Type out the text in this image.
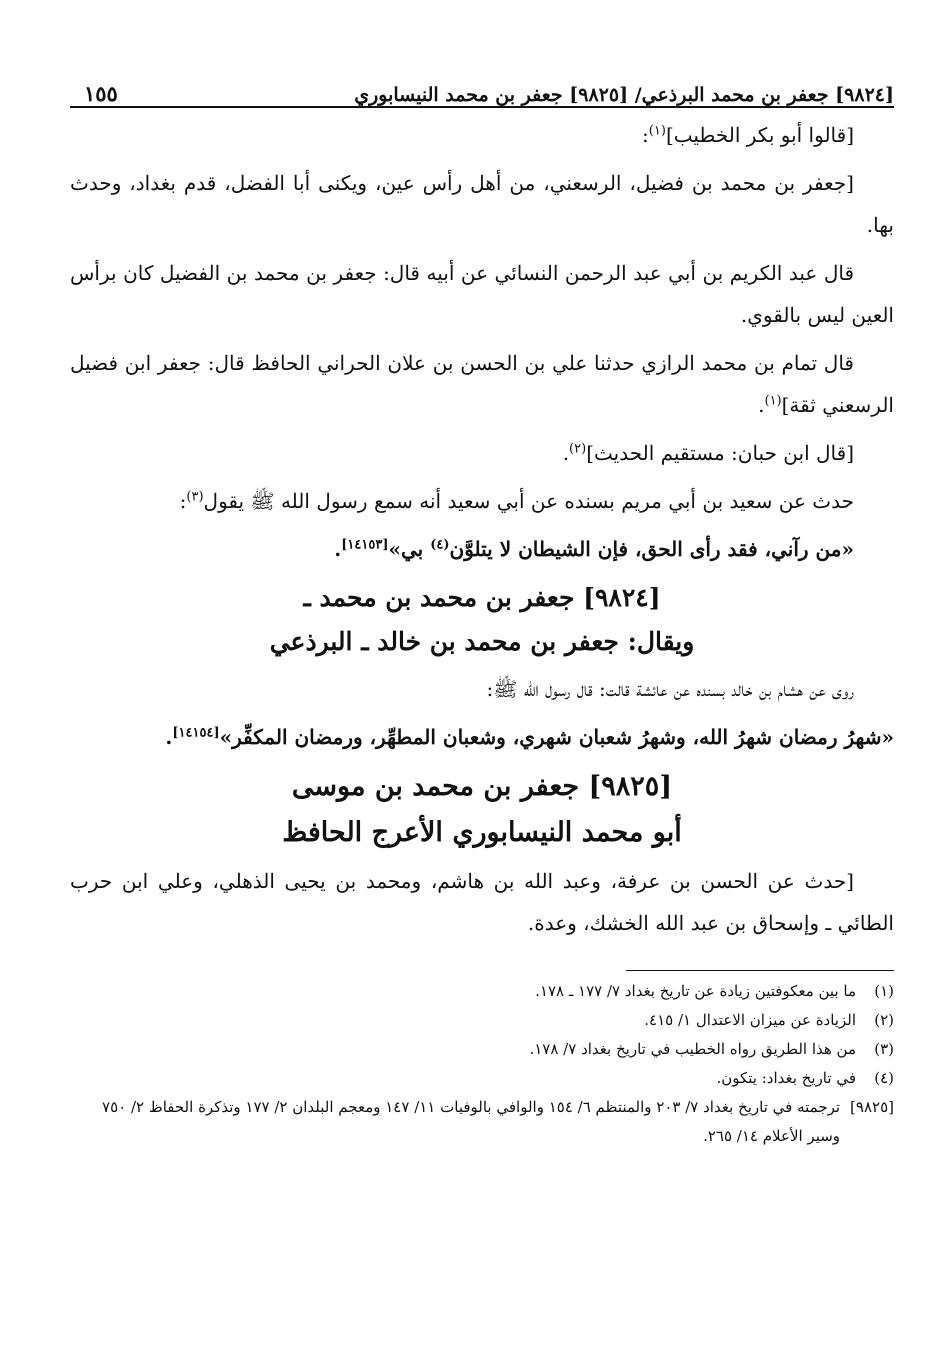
[٩٨٢٤] جعفر بن محمد البرذعي/ [٩٨٢٥] جعفر بن محمد النيسابوري
١٥٥

[قالوا أبو بكر الخطيب]$^{(١)}$:

[جعفر بن محمد بن فضيل، الرسعني، من أهل رأس عين، ويكنى أبا الفضل، قدم بغداد، وحدث بها.

قال عبد الكريم بن أبي عبد الرحمن النسائي عن أبيه قال: جعفر بن محمد بن الفضيل كان برأس العين ليس بالقوي.

قال تمام بن محمد الرازي حدثنا علي بن الحسن بن علان الحراني الحافظ قال: جعفر ابن فضيل الرسعني ثقة]$^{(١)}$.

[قال ابن حبان: مستقيم الحديث]$^{(٢)}$.

حدث عن سعيد بن أبي مريم بسنده عن أبي سعيد أنه سمع رسول الله ﷺ يقول$^{(٣)}$:

«من رآني، فقد رأى الحق، فإن الشيطان لا يتلوَّن$^{(٤)}$ بي»[١٤١٥٣].

[٩٨٢٤] جعفر بن محمد بن محمد ـ
ويقال: جعفر بن محمد بن خالد ـ البرذعي

روى عن هشام بن خالد بسنده عن عائشة قالت: قال رسول الله ﷺ:

«شهرُ رمضان شهرُ الله، وشهرُ شعبان شهري، وشعبان المطهِّر، ورمضان المكفِّر»[١٤١٥٤].

[٩٨٢٥] جعفر بن محمد بن موسى
أبو محمد النيسابوري الأعرج الحافظ

[حدث عن الحسن بن عرفة، وعبد الله بن هاشم، ومحمد بن يحيى الذهلي، وعلي ابن حرب الطائي ـ وإسحاق بن عبد الله الخشك، وعدة.

(١)
ما بين معكوفتين زيادة عن تاريخ بغداد ٧/ ١٧٧ ـ ١٧٨.
(٢)
الزيادة عن ميزان الاعتدال ١/ ٤١٥.
(٣)
من هذا الطريق رواه الخطيب في تاريخ بغداد ٧/ ١٧٨.
(٤)
في تاريخ بغداد: يتكون.
[٩٨٢٥]
ترجمته في تاريخ بغداد ٧/ ٢٠٣ والمنتظم ٦/ ١٥٤ والوافي بالوفيات ١١/ ١٤٧ ومعجم البلدان ٢/ ١٧٧ وتذكرة الحفاظ ٢/ ٧٥٠ وسير الأعلام ١٤/ ٢٦٥.
